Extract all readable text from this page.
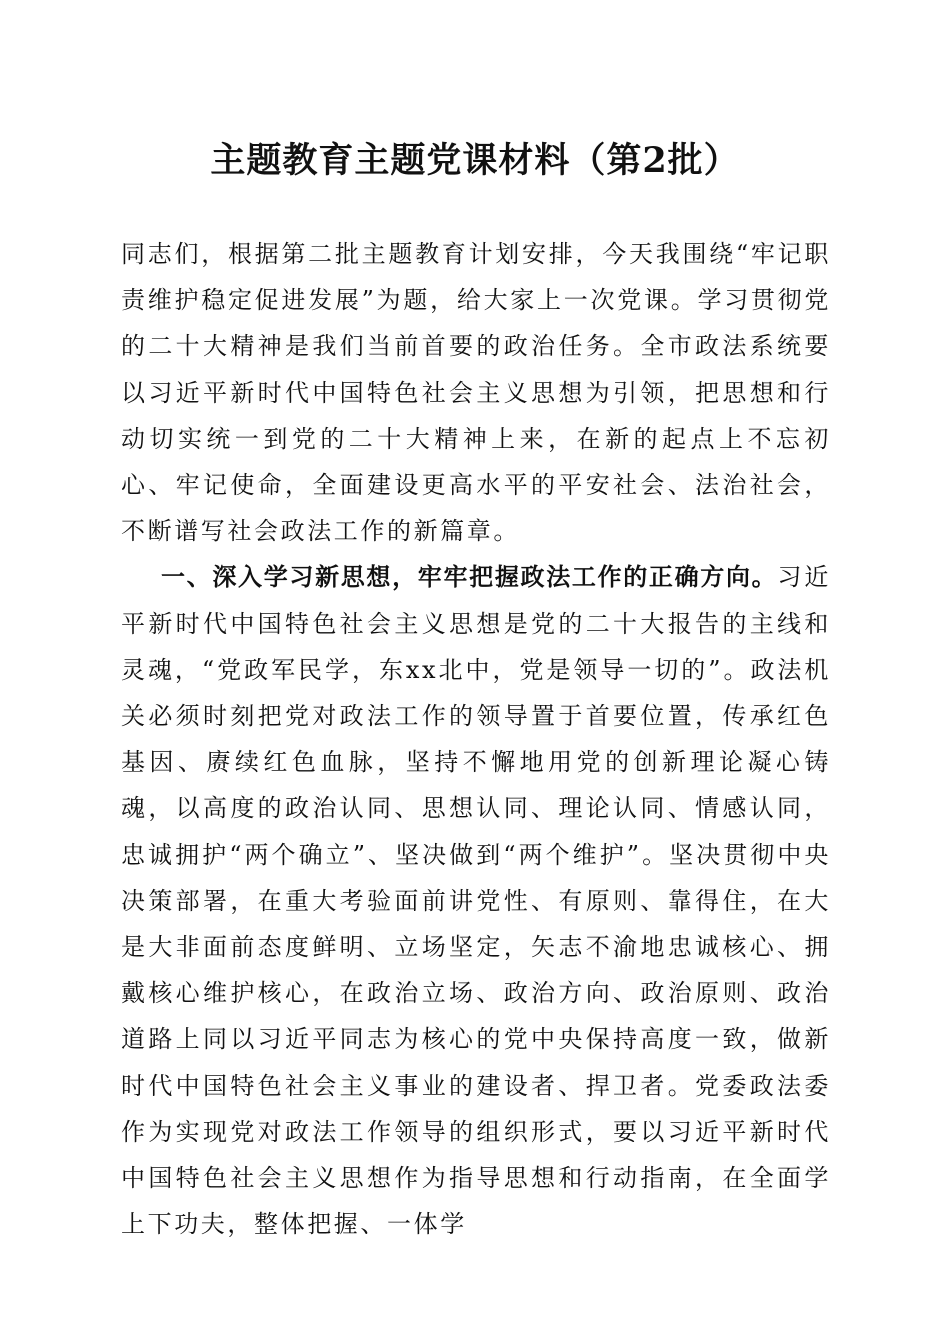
主题教育主题党课材料（第2批）

同志们，根据第二批主题教育计划安排，今天我围绕“牢记职责维护稳定促进发展”为题，给大家上一次党课。学习贯彻党的二十大精神是我们当前首要的政治任务。全市政法系统要以习近平新时代中国特色社会主义思想为引领，把思想和行动切实统一到党的二十大精神上来，在新的起点上不忘初心、牢记使命，全面建设更高水平的平安社会、法治社会，不断谱写社会政法工作的新篇章。

一、深入学习新思想，牢牢把握政法工作的正确方向。习近平新时代中国特色社会主义思想是党的二十大报告的主线和灵魂，“党政军民学，东xx北中，党是领导一切的”。政法机关必须时刻把党对政法工作的领导置于首要位置，传承红色基因、赓续红色血脉，坚持不懈地用党的创新理论凝心铸魂，以高度的政治认同、思想认同、理论认同、情感认同，忠诚拥护“两个确立”、坚决做到“两个维护”。坚决贯彻中央决策部署，在重大考验面前讲党性、有原则、靠得住，在大是大非面前态度鲜明、立场坚定，矢志不渝地忠诚核心、拥戴核心维护核心，在政治立场、政治方向、政治原则、政治道路上同以习近平同志为核心的党中央保持高度一致，做新时代中国特色社会主义事业的建设者、捍卫者。党委政法委作为实现党对政法工作领导的组织形式，要以习近平新时代中国特色社会主义思想作为指导思想和行动指南，在全面学上下功夫，整体把握、一体学
